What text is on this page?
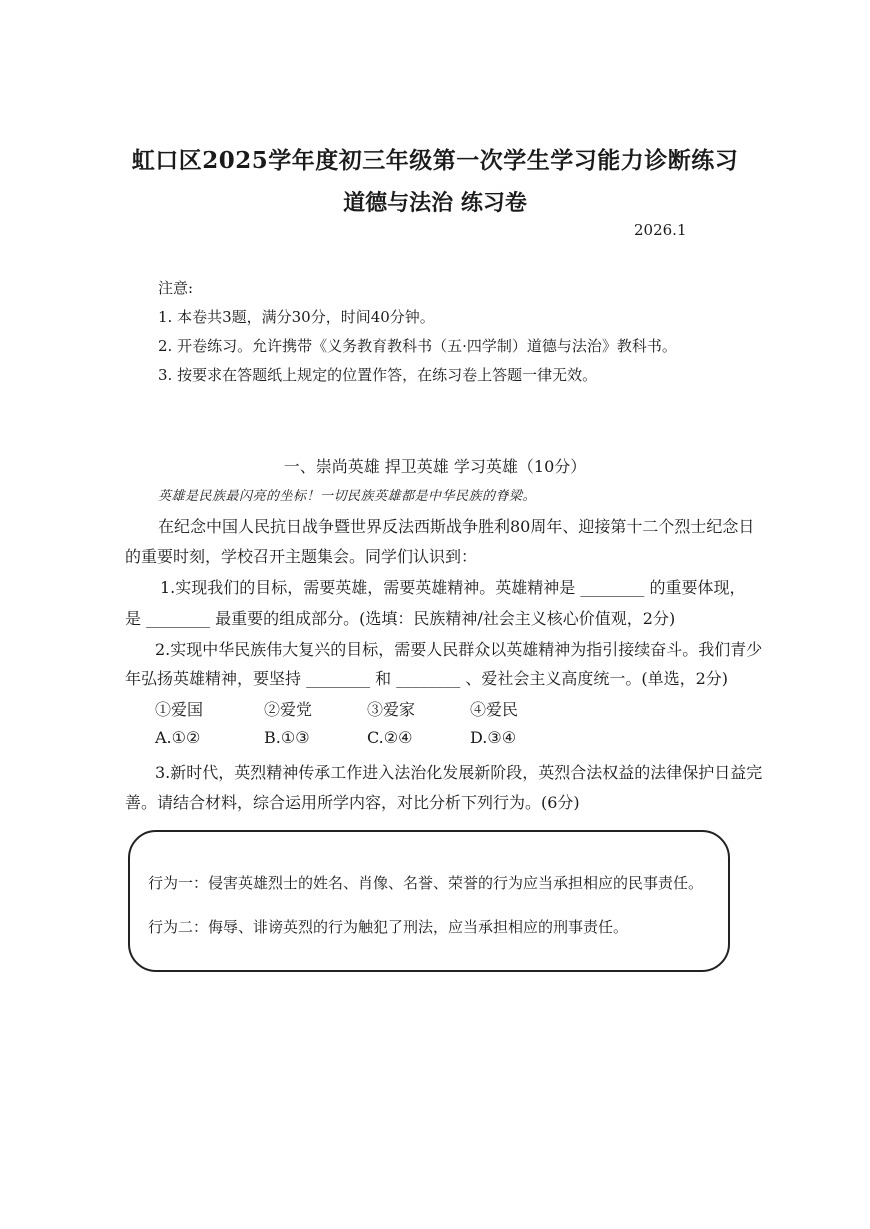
虹口区2025学年度初三年级第一次学生学习能力诊断练习
道德与法治 练习卷
2026.1
注意:
1. 本卷共3题，满分30分，时间40分钟。
2. 开卷练习。允许携带《义务教育教科书（五·四学制）道德与法治》教科书。
3. 按要求在答题纸上规定的位置作答，在练习卷上答题一律无效。
一、崇尚英雄 捍卫英雄 学习英雄（10分）
英雄是民族最闪亮的坐标！一切民族英雄都是中华民族的脊梁。
在纪念中国人民抗日战争暨世界反法西斯战争胜利80周年、迎接第十二个烈士纪念日
的重要时刻，学校召开主题集会。同学们认识到：
1.实现我们的目标，需要英雄，需要英雄精神。英雄精神是 ________ 的重要体现，
是 ________ 最重要的组成部分。(选填：民族精神/社会主义核心价值观，2分)
2.实现中华民族伟大复兴的目标，需要人民群众以英雄精神为指引接续奋斗。我们青少
年弘扬英雄精神，要坚持 ________ 和 ________ 、爱社会主义高度统一。(单选，2分)
①爱国	②爱党	③爱家	④爱民
A.①②	B.①③	C.②④	D.③④
3.新时代，英烈精神传承工作进入法治化发展新阶段，英烈合法权益的法律保护日益完
善。请结合材料，综合运用所学内容，对比分析下列行为。(6分)
行为一：侵害英雄烈士的姓名、肖像、名誉、荣誉的行为应当承担相应的民事责任。
行为二：侮辱、诽谤英烈的行为触犯了刑法，应当承担相应的刑事责任。
